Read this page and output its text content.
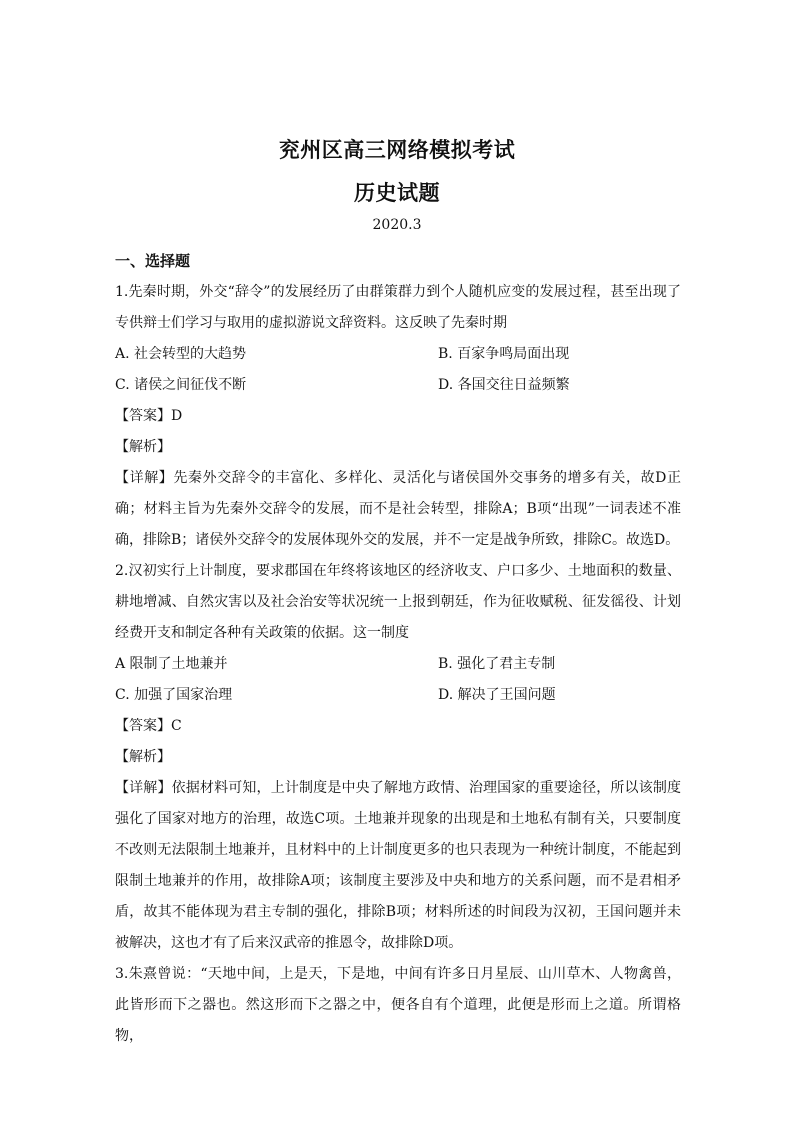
兖州区高三网络模拟考试
历史试题
2020.3
一、选择题
1.先秦时期，外交“辞令”的发展经历了由群策群力到个人随机应变的发展过程，甚至出现了专供辩士们学习与取用的虚拟游说文辞资料。这反映了先秦时期
A. 社会转型的大趋势	B. 百家争鸣局面出现
C. 诸侯之间征伐不断	D. 各国交往日益频繁
【答案】D
【解析】
【详解】先秦外交辞令的丰富化、多样化、灵活化与诸侯国外交事务的增多有关，故D正确；材料主旨为先秦外交辞令的发展，而不是社会转型，排除A；B项“出现”一词表述不准确，排除B；诸侯外交辞令的发展体现外交的发展，并不一定是战争所致，排除C。故选D。
2.汉初实行上计制度，要求郡国在年终将该地区的经济收支、户口多少、土地面积的数量、耕地增减、自然灾害以及社会治安等状况统一上报到朝廷，作为征收赋税、征发徭役、计划经费开支和制定各种有关政策的依据。这一制度
A 限制了土地兼并	B. 强化了君主专制
C. 加强了国家治理	D. 解决了王国问题
【答案】C
【解析】
【详解】依据材料可知，上计制度是中央了解地方政情、治理国家的重要途径，所以该制度强化了国家对地方的治理，故选C项。土地兼并现象的出现是和土地私有制有关，只要制度不改则无法限制土地兼并，且材料中的上计制度更多的也只表现为一种统计制度，不能起到限制土地兼并的作用，故排除A项；该制度主要涉及中央和地方的关系问题，而不是君相矛盾，故其不能体现为君主专制的强化，排除B项；材料所述的时间段为汉初，王国问题并未被解决，这也才有了后来汉武帝的推恩令，故排除D项。
3.朱熹曾说：“天地中间，上是天，下是地，中间有许多日月星辰、山川草木、人物禽兽，此皆形而下之器也。然这形而下之器之中，便各自有个道理，此便是形而上之道。所谓格物，
